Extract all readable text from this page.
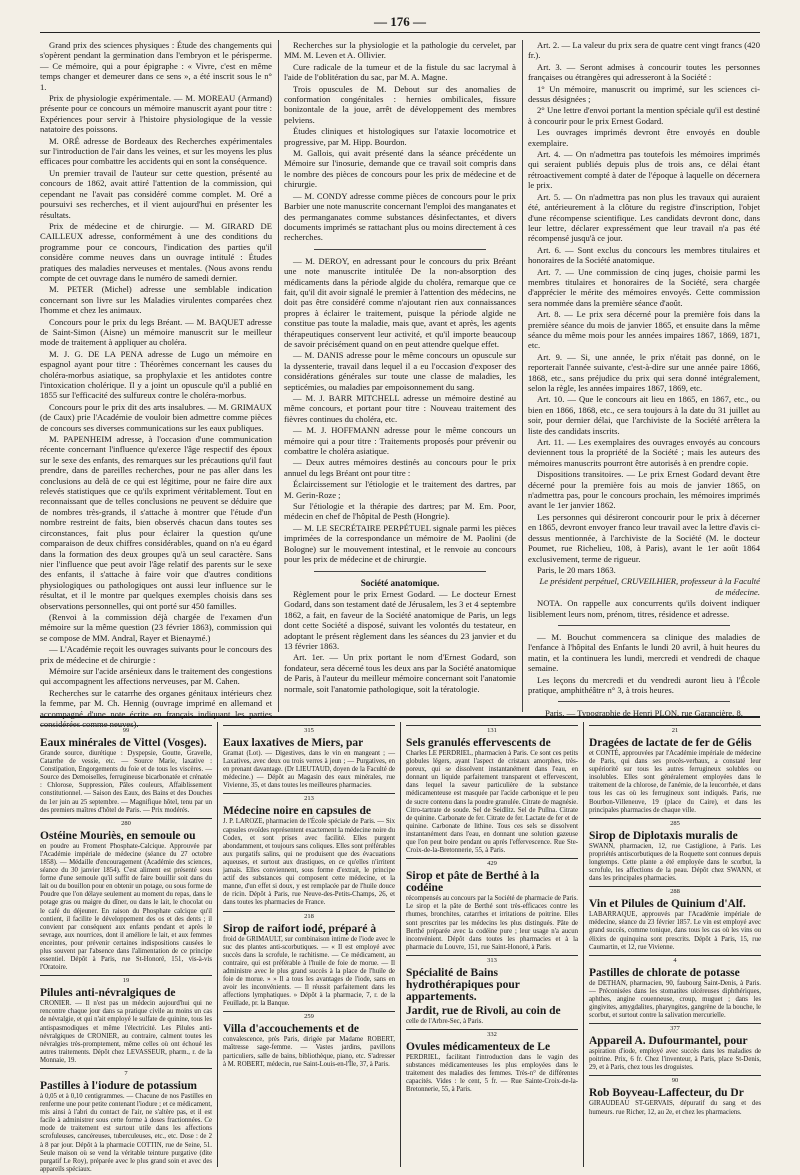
— 176 —

Grand prix des sciences physiques : Étude des changements qui s'opèrent pendant la germination dans l'embryon et le périsperme. — Ce mémoire, qui a pour épigraphe : « Vivre, c'est en même temps changer et demeurer dans ce sens », a été inscrit sous le n° 1.

Prix de physiologie expérimentale. — M. MOREAU (Armand) présente pour ce concours un mémoire manuscrit ayant pour titre : Expériences pour servir à l'histoire physiologique de la vessie natatoire des poissons.

M. ORÉ adresse de Bordeaux des Recherches expérimentales sur l'introduction de l'air dans les veines, et sur les moyens les plus efficaces pour combattre les accidents qui en sont la conséquence.

Un premier travail de l'auteur sur cette question, présenté au concours de 1862, avait attiré l'attention de la commission, qui cependant ne l'avait pas considéré comme complet. M. Oré a poursuivi ses recherches, et il vient aujourd'hui en présenter les résultats.

Prix de médecine et de chirurgie. — M. GIRARD DE CAILLEUX adresse, conformément à une des conditions du programme pour ce concours, l'indication des parties qu'il considère comme neuves dans un ouvrage intitulé : Études pratiques des maladies nerveuses et mentales. (Nous avons rendu compte de cet ouvrage dans le numéro de samedi dernier.

M. PETER (Michel) adresse une semblable indication concernant son livre sur les Maladies virulentes comparées chez l'homme et chez les animaux.

Concours pour le prix du legs Bréant. — M. BAQUET adresse de Saint-Simon (Aisne) un mémoire manuscrit sur le meilleur mode de traitement à appliquer au choléra.

M. J. G. DE LA PENA adresse de Lugo un mémoire en espagnol ayant pour titre : Théorèmes concernant les causes du choléra-morbus asiatique, sa prophylaxie et les antidotes contre l'intoxication cholérique. Il y a joint un opuscule qu'il a publié en 1855 sur l'efficacité des sulfureux contre le choléra-morbus.

Concours pour le prix dit des arts insalubres. — M. GRIMAUX (de Caux) prie l'Académie de vouloir bien admettre comme pièces de concours ses diverses communications sur les eaux publiques.

M. PAPENHEIM adresse, à l'occasion d'une communication récente concernant l'influence qu'exerce l'âge respectif des époux sur le sexe des enfants, des remarques sur les précautions qu'il faut prendre, dans de pareilles recherches, pour ne pas aller dans les conclusions au delà de ce qui est légitime, pour ne faire dire aux relevés statistiques que ce qu'ils expriment véritablement. Tout en reconnaissant que de telles conclusions ne peuvent se déduire que de nombres très-grands, il s'attache à montrer que l'étude d'un nombre restreint de faits, bien observés chacun dans toutes ses circonstances, fait plus pour éclairer la question qu'une comparaison de deux chiffres considérables, quand on n'a eu égard dans la formation des deux groupes qu'à un seul caractère. Sans nier l'influence que peut avoir l'âge relatif des parents sur le sexe des enfants, il s'attache à faire voir que d'autres conditions physiologiques ou pathologiques ont aussi leur influence sur le résultat, et il le montre par quelques exemples choisis dans ses observations personnelles, qui ont porté sur 450 familles.

(Renvoi à la commission déjà chargée de l'examen d'un mémoire sur la même question (23 février 1863), commission qui se compose de MM. Andral, Rayer et Bienaymé.)

— L'Académie reçoit les ouvrages suivants pour le concours des prix de médecine et de chirurgie :

Mémoire sur l'acide arsénieux dans le traitement des congestions qui accompagnent les affections nerveuses, par M. Cahen.

Recherches sur le catarrhe des organes génitaux intérieurs chez la femme, par M. Ch. Hennig (ouvrage imprimé en allemand et accompagné d'une note écrite en français indiquant les parties considérées comme neuves).

Recherches sur la physiologie et la pathologie du cervelet, par MM. M. Leven et A. Ollivier.

Cure radicale de la tumeur et de la fistule du sac lacrymal à l'aide de l'oblitération du sac, par M. A. Magne.

Trois opuscules de M. Debout sur des anomalies de conformation congénitales : hernies ombilicales, fissure bonizontale de la joue, arrêt de développement des membres pelviens.

Études cliniques et histologiques sur l'ataxie locomotrice et progressive, par M. Hipp. Bourdon.

M. Gallois, qui avait présenté dans la séance précédente un Mémoire sur l'inosurie, demande que ce travail soit compris dans le nombre des pièces de concours pour les prix de médecine et de chirurgie.

— M. CONDY adresse comme pièces de concours pour le prix Barbier une note manuscrite concernant l'emploi des manganates et des permanganates comme substances désinfectantes, et divers documents imprimés se rattachant plus ou moins directement à ces recherches.

— M. DEROY, en adressant pour le concours du prix Bréant une note manuscrite intitulée De la non-absorption des médicaments dans la période algide du choléra, remarque que ce fait, qu'il dit avoir signalé le premier à l'attention des médecins, ne doit pas être considéré comme n'ajoutant rien aux connaissances propres à éclairer le traitement, puisque la période algide ne constitue pas toute la maladie, mais que, avant et après, les agents thérapeutiques conservent leur activité, et qu'il importe beaucoup de savoir précisément quand on en peut attendre quelque effet.

— M. DANIS adresse pour le même concours un opuscule sur la dyssenterie, travail dans lequel il a eu l'occasion d'exposer des considérations générales sur toute une classe de maladies, les septicémies, ou maladies par empoisonnement du sang.

— M. J. BARR MITCHELL adresse un mémoire destiné au même concours, et portant pour titre : Nouveau traitement des fièvres continues du choléra, etc.

— M. J. HOFFMANN adresse pour le même concours un mémoire qui a pour titre : Traitements proposés pour prévenir ou combattre le choléra asiatique.

— Deux autres mémoires destinés au concours pour le prix annuel du legs Bréant ont pour titre :

Éclaircissement sur l'étiologie et le traitement des dartres, par M. Gerin-Roze ;

Sur l'étiologie et la thérapie des dartres; par M. Em. Poor, médecin en chef de l'hôpital de Pesth (Hongrie).

— M. LE SECRÉTAIRE PERPÉTUEL signale parmi les pièces imprimées de la correspondance un mémoire de M. Paolini (de Bologne) sur le mouvement intestinal, et le renvoie au concours pour les prix de médecine et de chirurgie.

Société anatomique.

Règlement pour le prix Ernest Godard. — Le docteur Ernest Godard, dans son testament daté de Jérusalem, les 3 et 4 septembre 1862, a fait, en faveur de la Société anatomique de Paris, un legs dont cette Société a disposé, suivant les volontés du testateur, en adoptant le présent règlement dans les séances du 23 janvier et du 13 février 1863.

Art. 1er. — Un prix portant le nom d'Ernest Godard, son fondateur, sera décerné tous les deux ans par la Société anatomique de Paris, à l'auteur du meilleur mémoire concernant soit l'anatomie normale, soit l'anatomie pathologique, soit la tératologie.

Art. 2. — La valeur du prix sera de quatre cent vingt francs (420 fr.).

Art. 3. — Seront admises à concourir toutes les personnes françaises ou étrangères qui adresseront à la Société :

1° Un mémoire, manuscrit ou imprimé, sur les sciences ci-dessus désignées ;

2° Une lettre d'envoi portant la mention spéciale qu'il est destiné à concourir pour le prix Ernest Godard.

Les ouvrages imprimés devront être envoyés en double exemplaire.

Art. 4. — On n'admettra pas toutefois les mémoires imprimés qui seraient publiés depuis plus de trois ans, ce délai étant rétroactivement compté à dater de l'époque à laquelle on décernera le prix.

Art. 5. — On n'admettra pas non plus les travaux qui auraient été, antérieurement à la clôture du registre d'inscription, l'objet d'une récompense scientifique. Les candidats devront donc, dans leur lettre, déclarer expressément que leur travail n'a pas été récompensé jusqu'à ce jour.

Art. 6. — Sont exclus du concours les membres titulaires et honoraires de la Société anatomique.

Art. 7. — Une commission de cinq juges, choisie parmi les membres titulaires et honoraires de la Société, sera chargée d'apprécier le mérite des mémoires envoyés. Cette commission sera nommée dans la première séance d'août.

Art. 8. — Le prix sera décerné pour la première fois dans la première séance du mois de janvier 1865, et ensuite dans la même séance du même mois pour les années impaires 1867, 1869, 1871, etc.

Art. 9. — Si, une année, le prix n'était pas donné, on le reporterait l'année suivante, c'est-à-dire sur une année paire 1866, 1868, etc., sans préjudice du prix qui sera donné intégralement, selon la règle, les années impaires 1867, 1869, etc.

Art. 10. — Que le concours ait lieu en 1865, en 1867, etc., ou bien en 1866, 1868, etc., ce sera toujours à la date du 31 juillet au soir, pour dernier délai, que l'archiviste de la Société arrêtera la liste des candidats inscrits.

Art. 11. — Les exemplaires des ouvrages envoyés au concours deviennent tous la propriété de la Société ; mais les auteurs des mémoires manuscrits pourront être autorisés à en prendre copie.

Dispositions transitoires. — Le prix Ernest Godard devant être décerné pour la première fois au mois de janvier 1865, on n'admettra pas, pour le concours prochain, les mémoires imprimés avant le 1er janvier 1862.

Les personnes qui désireront concourir pour le prix à décerner en 1865, devront envoyer franco leur travail avec la lettre d'avis ci-dessus mentionnée, à l'archiviste de la Société (M. le docteur Poumet, rue Richelieu, 108, à Paris), avant le 1er août 1864 exclusivement, terme de rigueur.

Paris, le 20 mars 1863.

Le président perpétuel, CRUVEILHIER, professeur à la Faculté de médecine.

NOTA. On rappelle aux concurrents qu'ils doivent indiquer lisiblement leurs nom, prénom, titres, résidence et adresse.

— M. Bouchut commencera sa clinique des maladies de l'enfance à l'hôpital des Enfants le lundi 20 avril, à huit heures du matin, et la continuera les lundi, mercredi et vendredi de chaque semaine.

Les leçons du mercredi et du vendredi auront lieu à l'École pratique, amphithéâtre n° 3, à trois heures.

Paris. — Typographie de Henri PLON, rue Garancière, 8.

99
Eaux minérales de Vittel (Vosges).

Grande source, diurétique : Dyspepsie, Goutte, Gravelle, Catarrhe de vessie, etc. — Source Marie, laxative : Constipation, Engorgements du foie et de tous les viscères. — Source des Demoiselles, ferrugineuse bicarbonatée et crénatée : Chlorose, Suppression, Pâles couleurs, Affaiblissement constitutionnel. — Saison des Eaux, des Bains et des Douches du 1er juin au 25 septembre. — Magnifique hôtel, tenu par un des premiers maîtres d'hôtel de Paris. — Prix modérés.

280
Ostéine Mouriès, en semoule ou

en poudre au Froment Phosphate-Calcique. Approuvée par l'Académie impériale de médecine (séance du 27 octobre 1858). — Médaille d'encouragement (Académie des sciences, séance du 30 janvier 1854). C'est aliment est présenté sous forme d'une semoule qu'il suffit de faire bouillir soit dans du lait ou du bouillon pour en obtenir un potage, ou sous forme de Poudre que l'on délaye seulement au moment du repas, dans le potage gras ou maigre du dîner, ou dans le lait, le chocolat ou le café du déjeuner. En raison du Phosphate calcique qu'il contient, il facilite le développement des os et des dents ; il convient par conséquent aux enfants pendant et après le sevrage, aux nourrices, dont il améliore le lait, et aux femmes enceintes, pour prévenir certaines indispositions causées le plus souvent par l'absence dans l'alimentation de ce principe essentiel. Dépôt à Paris, rue St-Honoré, 151, vis-à-vis l'Oratoire.

19
Pilules anti-névralgiques de

CRONIER. — Il n'est pas un médecin aujourd'hui qui ne rencontre chaque jour dans sa pratique civile au moins un cas de névralgie, et qui n'ait employé le sulfate de quinine, tous les antispasmodiques et même l'électricité. Les Pilules anti-névralgiques de CRONIER, au contraire, calment toutes les névralgies très-promptement, même celles où ont échoué les autres traitements. Dépôt chez LEVASSEUR, pharm., r. de la Monnaie, 19.

7
Pastilles à l'iodure de potassium

à 0,05 et à 0,10 centigrammes. — Chacune de nos Pastilles en renferme une pour petite contenant l'iodure ; et ce médicament, mis ainsi à l'abri du contact de l'air, ne s'altère pas, et il est facile à administrer sous cette forme à doses fractionnées. Ce mode de traitement est surtout utile dans les affections scrofuleuses, cancéreuses, tuberculeuses, etc., etc. Dose : de 2 à 8 par jour. Dépôt à la pharmacie COTTIN, rue de Seine, 51. Seule maison où se vend la véritable teinture purgative (dite purgatif Le Roy), préparée avec le plus grand soin et avec des appareils spéciaux.

315
Eaux laxatives de Miers, par

Gramat (Lot). — Digestives, dans le vin en mangeant ; — Laxatives, avec deux ou trois verres à jeun ; — Purgatives, en en prenant davantage. (Dr LIEUTAUD, doyen de la Faculté de médecine.) — Dépôt au Magasin des eaux minérales, rue Vivienne, 35, et dans toutes les meilleures pharmacies.

213
Médecine noire en capsules de

J. P. LAROZE, pharmacien de l'École spéciale de Paris. — Six capsules ovoïdes représentent exactement la médecine noire du Codex, et sont prises avec facilité. Elles purgent abondamment, et toujours sans coliques. Elles sont préférables aux purgatifs salins, qui ne produisent que des évacuations aqueuses, et surtout aux drastiques, en ce qu'elles n'irritent jamais. Elles conviennent, sous forme d'extrait, le principe actif des substances qui composent cette médecine, et la manne, d'un effet si doux, y est remplacée par de l'huile douce de ricin. Dépôt à Paris, rue Neuve-des-Petits-Champs, 26, et dans toutes les pharmacies de France.

218
Sirop de raifort iodé, préparé à

froid de GRIMAULT, sur combinaison intime de l'iode avec le suc des plantes anti-scorbutiques. — « Il est employé avec succès dans la scrofule, le rachitisme. — Ce médicament, au contraire, qui est préférable à l'huile de foie de morue. — Il administre avec le plus grand succès à la place de l'huile de foie de morue. » » Il a tous les avantages de l'iode, sans en avoir les inconvénients. — Il réussit parfaitement dans les affections lymphatiques. » Dépôt à la pharmacie, 7, r. de la Feuillade, pr. la Banque.

259
Villa d'accouchements et de

convalescence, près Paris, dirigée par Madame ROBERT, maîtresse sage-femme. — Vastes jardins, pavillons particuliers, salle de bains, bibliothèque, piano, etc. S'adresser à M. ROBERT, médecin, rue Saint-Louis-en-l'Île, 37, à Paris.

131
Sels granulés effervescents de

Charles LE PERDRIEL, pharmacien à Paris. Ce sont ces petits globules légers, ayant l'aspect de cristaux amorphes, très-poreux, qui se dissolvent instantanément dans l'eau, en donnant un liquide parfaitement transparent et effervescent, dans lequel la saveur particulière de la substance médicamenteuse est masquée par l'acide carbonique et le peu de sucre contenu dans la poudre granulée. Citrate de magnésie. Citro-tartrate de soude. Sel de Seidlitz. Sel de Pullna. Citrate de quinine. Carbonate de fer. Citrate de fer. Lactate de fer et de quinine. Carbonate de lithine. Tous ces sels se dissolvent instantanément dans l'eau, en donnant une solution gazeuse que l'on peut boire pendant ou après l'effervescence. Rue Ste-Croix-de-la-Bretonnerie, 55, à Paris.

429
Sirop et pâte de Berthé à la codéine

récompensés au concours par la Société de pharmacie de Paris. Le sirop et la pâte de Berthé sont très-efficaces contre les rhumes, bronchites, catarrhes et irritations de poitrine. Elles sont prescrites par les médecins les plus distingués. Pâte de Berthé préparée avec la codéine pure ; leur usage n'a aucun inconvénient. Dépôt dans toutes les pharmacies et à la pharmacie du Louvre, 151, rue Saint-Honoré, à Paris.

313
Spécialité de Bains hydrothérapiques pour appartements.
Jardit, rue de Rivoli, au coin de

celle de l'Arbre-Sec, à Paris.

332
Ovules médicamenteux de Le

PERDRIEL, facilitant l'introduction dans le vagin des substances médicamenteuses les plus employées dans le traitement des maladies des femmes. Très-n° de différentes capacités. Vides : le cent, 5 fr. — Rue Sainte-Croix-de-la-Bretonnerie, 55, à Paris.

21
Dragées de lactate de fer de Gélis

et CONTÉ, approuvées par l'Académie impériale de médecine de Paris, qui dans ses procès-verbaux, a constaté leur supériorité sur tous les autres ferrugineux solubles ou insolubles. Elles sont généralement employées dans le traitement de la chlorose, de l'anémie, de la leucorrhée, et dans tous les cas où les ferrugineux sont indiqués. Paris, rue Bourbon-Villeneuve, 19 (place du Caire), et dans les principales pharmacies de chaque ville.

285
Sirop de Diplotaxis muralis de

SWANN, pharmacien, 12, rue Castiglione, à Paris. Les propriétés antiscorbutiques de la Roquette sont connues depuis longtemps. Cette plante a été employée dans le scorbut, la scrofule, les affections de la peau. Dépôt chez SWANN, et dans les principales pharmacies.

288
Vin et Pilules de Quinium d'Alf.

LABARRAQUE, approuvés par l'Académie impériale de médecine, séance du 23 février 1857. Le vin est employé avec grand succès, comme tonique, dans tous les cas où les vins ou élixirs de quinquina sont prescrits. Dépôt à Paris, 15, rue Caumartin, et 12, rue Vivienne.

4
Pastilles de chlorate de potasse

de DETHAN, pharmacien, 90, faubourg Saint-Denis, à Paris. — Préconisées dans les stomatites ulcéreuses diphthériques, aphthes, angine couenneuse, croup, muguet ; dans les gingivites, amygdalites, pharyngites, gangrène de la bouche, le scorbut, et surtout contre la salivation mercurielle.

377
Appareil A. Dufourmantel, pour

aspiration d'iode, employé avec succès dans les maladies de poitrine. Prix, 6 fr. Chez l'inventeur, à Paris, place St-Denis, 29, et à Paris, chez tous les droguistes.

90
Rob Boyveau-Laffecteur, du Dr

GIRAUDEAU ST-GERVAIS, dépuratif du sang et des humeurs. rue Richer, 12, au 2e, et chez les pharmaciens.
